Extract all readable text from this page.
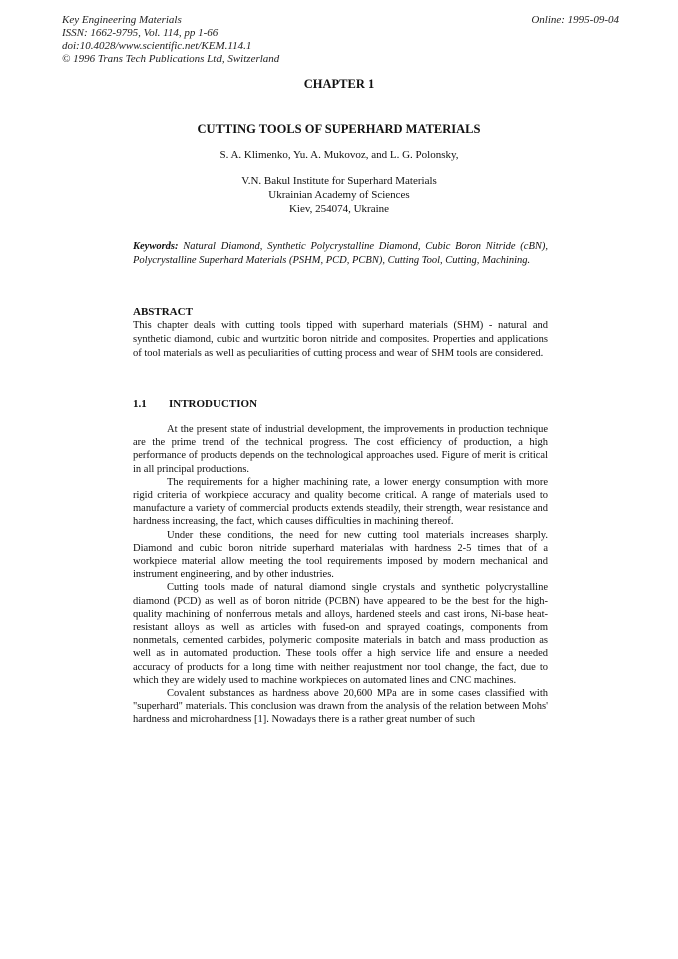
Key Engineering Materials
ISSN: 1662-9795, Vol. 114, pp 1-66
doi:10.4028/www.scientific.net/KEM.114.1
© 1996 Trans Tech Publications Ltd, Switzerland
Online: 1995-09-04
CHAPTER 1
CUTTING TOOLS OF SUPERHARD MATERIALS
S. A. Klimenko, Yu. A. Mukovoz, and L. G. Polonsky,
V.N. Bakul Institute for Superhard Materials
Ukrainian Academy of Sciences
Kiev, 254074, Ukraine
Keywords: Natural Diamond, Synthetic Polycrystalline Diamond, Cubic Boron Nitride (cBN), Polycrystalline Superhard Materials (PSHM, PCD, PCBN), Cutting Tool, Cutting, Machining.
ABSTRACT
This chapter deals with cutting tools tipped with superhard materials (SHM) - natural and synthetic diamond, cubic and wurtzitic boron nitride and composites. Properties and applications of tool materials as well as peculiarities of cutting process and wear of SHM tools are considered.
1.1 INTRODUCTION

At the present state of industrial development, the improvements in production technique are the prime trend of the technical progress. The cost efficiency of production, a high performance of products depends on the technological approaches used. Figure of merit is critical in all principal productions.

The requirements for a higher machining rate, a lower energy consumption with more rigid criteria of workpiece accuracy and quality become critical. A range of materials used to manufacture a variety of commercial products extends steadily, their strength, wear resistance and hardness increasing, the fact, which causes difficulties in machining thereof.

Under these conditions, the need for new cutting tool materials increases sharply. Diamond and cubic boron nitride superhard materialas with hardness 2-5 times that of a workpiece material allow meeting the tool requirements imposed by modern mechanical and instrument engineering, and by other industries.

Cutting tools made of natural diamond single crystals and synthetic polycrystalline diamond (PCD) as well as of boron nitride (PCBN) have appeared to be the best for the high-quality machining of nonferrous metals and alloys, hardened steels and cast irons, Ni-base heat-resistant alloys as well as articles with fused-on and sprayed coatings, components from nonmetals, cemented carbides, polymeric composite materials in batch and mass production as well as in automated production. These tools offer a high service life and ensure a needed accuracy of products for a long time with neither reajustment nor tool change, the fact, due to which they are widely used to machine workpieces on automated lines and CNC machines.

Covalent substances as hardness above 20,600 MPa are in some cases classified with "superhard" materials. This conclusion was drawn from the analysis of the relation between Mohs' hardness and microhardness [1]. Nowadays there is a rather great number of such
